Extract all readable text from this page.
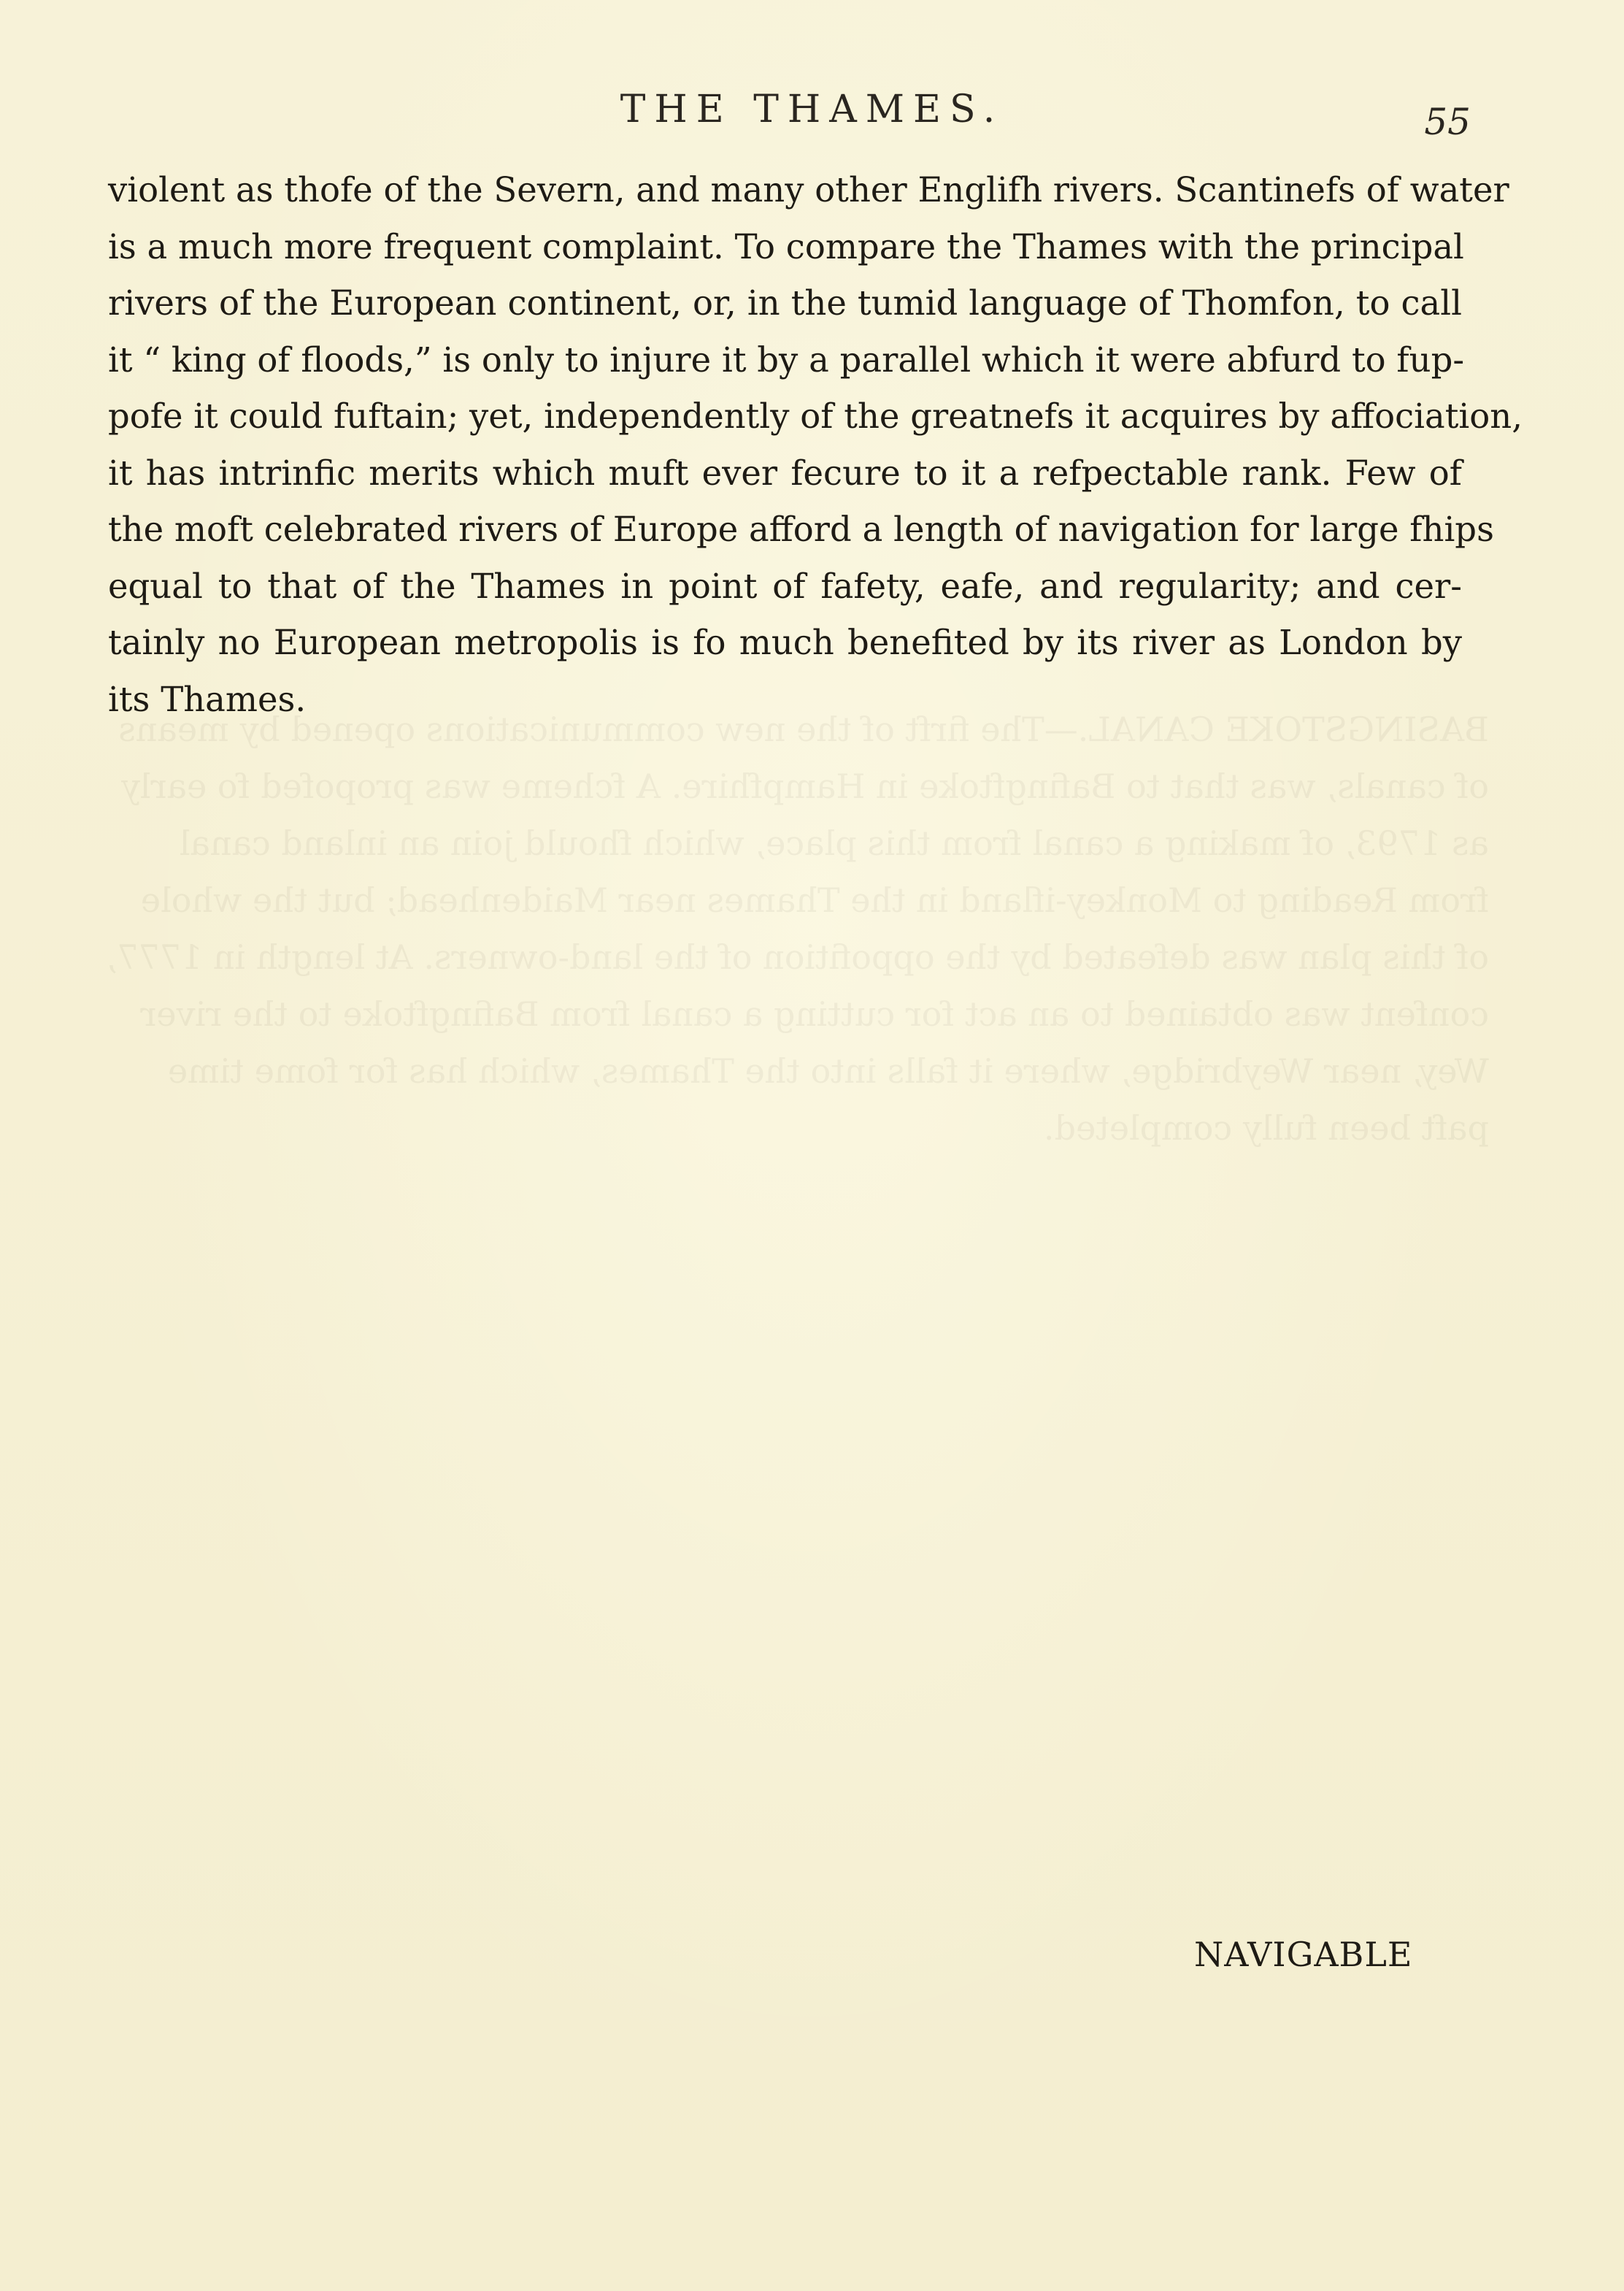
BASINGSTOKE CANAL.—The firft of the new communications opened by means of canals, was that to Bafingftoke in Hampfhire. A fcheme was propofed fo early as 1793, of making a canal from this place, which fhould join an inland canal from Reading to Monkey-ifland in the Thames near Maidenhead; but the whole of this plan was defeated by the oppofition of the land-owners. At length in 1777, confent was obtained to an act for cutting a canal from Bafingftoke to the river Wey, near Weybridge, where it falls into the Thames, which has for fome time paft been fully completed.
THE THAMES.	55
violent as thofe of the Severn, and many other Englifh rivers. Scantinefs of water
is a much more frequent complaint. To compare the Thames with the principal
rivers of the European continent, or, in the tumid language of Thomfon, to call
it “ king of floods,” is only to injure it by a parallel which it were abfurd to fup-
pofe it could fuftain; yet, independently of the greatnefs it acquires by affociation,
it has intrinfic merits which muft ever fecure to it a refpectable rank. Few of
the moft celebrated rivers of Europe afford a length of navigation for large fhips
equal to that of the Thames in point of fafety, eafe, and regularity; and cer-
tainly no European metropolis is fo much benefited by its river as London by
its Thames.
NAVIGABLE
